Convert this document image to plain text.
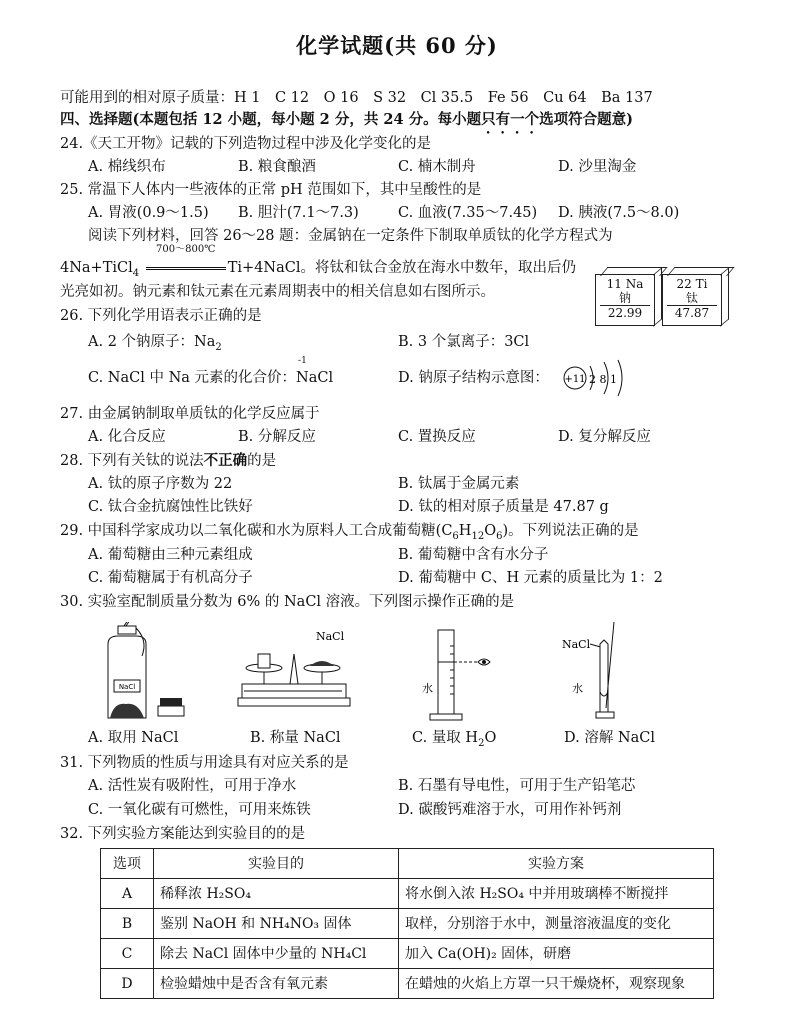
化学试题(共 60 分)
可能用到的相对原子质量：H 1　C 12　O 16　S 32　Cl 35.5　Fe 56　Cu 64　Ba 137
四、选择题(本题包括 12 小题，每小题 2 分，共 24 分。每小题只有一个选项符合题意)
24.《天工开物》记载的下列造物过程中涉及化学变化的是
A. 棉线织布	B. 粮食酿酒	C. 楠木制舟	D. 沙里淘金
25. 常温下人体内一些液体的正常 pH 范围如下，其中呈酸性的是
A. 胃液(0.9～1.5) B. 胆汁(7.1～7.3)	C. 血液(7.35～7.45) D. 胰液(7.5～8.0)
阅读下列材料，回答 26～28 题：金属钠在一定条件下制取单质钛的化学方程式为
4Na+TiCl$_4$
700～800℃
Ti+4NaCl。将钛和钛合金放在海水中数年，取出后仍
光亮如初。钠元素和钛元素在元素周期表中的相关信息如右图所示。	11 Na
钠
22.99
22 Ti
钛
47.87
26. 下列化学用语表示正确的是
A. 2 个钠原子：$Na_2$	B. 3 个氯离子：3Cl
C. NaCl 中 Na 元素的化合价：
-1
NaCl	D. 钠原子结构示意图： +11 2 8 1
27. 由金属钠制取单质钛的化学反应属于
A. 化合反应	B. 分解反应	C. 置换反应	D. 复分解反应
28. 下列有关钛的说法不正确的是
A. 钛的原子序数为 22	B. 钛属于金属元素
C. 钛合金抗腐蚀性比铁好	D. 钛的相对原子质量是 47.87 g
29. 中国科学家成功以二氧化碳和水为原料人工合成葡萄糖$(C_6H_{12}O_6)$。下列说法正确的是
A. 葡萄糖由三种元素组成	B. 葡萄糖中含有水分子
C. 葡萄糖属于有机高分子	D. 葡萄糖中 C、H 元素的质量比为 1：2
30. 实验室配制质量分数为 6% 的 NaCl 溶液。下列图示操作正确的是
NaCl
NaCl
水
NaCl
水
A. 取用 NaCl	B. 称量 NaCl	C. 量取 $H_2O$	D. 溶解 NaCl
31. 下列物质的性质与用途具有对应关系的是
A. 活性炭有吸附性，可用于净水	B. 石墨有导电性，可用于生产铅笔芯
C. 一氧化碳有可燃性，可用来炼铁	D. 碳酸钙难溶于水，可用作补钙剂
32. 下列实验方案能达到实验目的的是
选项	实验目的	实验方案
A	稀释浓 H₂SO₄	将水倒入浓 H₂SO₄ 中并用玻璃棒不断搅拌
B	鉴别 NaOH 和 NH₄NO₃ 固体	取样，分别溶于水中，测量溶液温度的变化
C	除去 NaCl 固体中少量的 NH₄Cl	加入 Ca(OH)₂ 固体，研磨
D	检验蜡烛中是否含有氧元素	在蜡烛的火焰上方罩一只干燥烧杯，观察现象
